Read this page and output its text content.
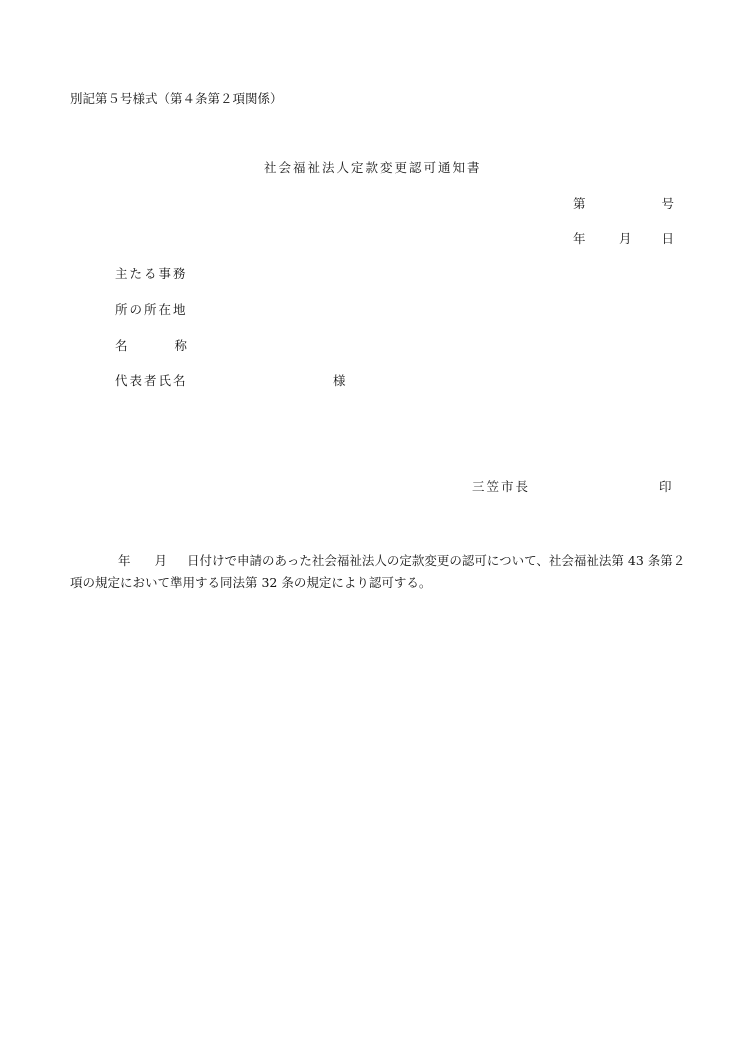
別記第５号様式（第４条第２項関係）
社会福祉法人定款変更認可通知書
第	号
年	月 日
主たる事務
所の所在地
名	称
代表者氏名	様
三笠市長	印
年 月 日付けで申請のあった社会福祉法人の定款変更の認可について、社会福祉法第 43 条第２
項の規定において準用する同法第 32 条の規定により認可する。
